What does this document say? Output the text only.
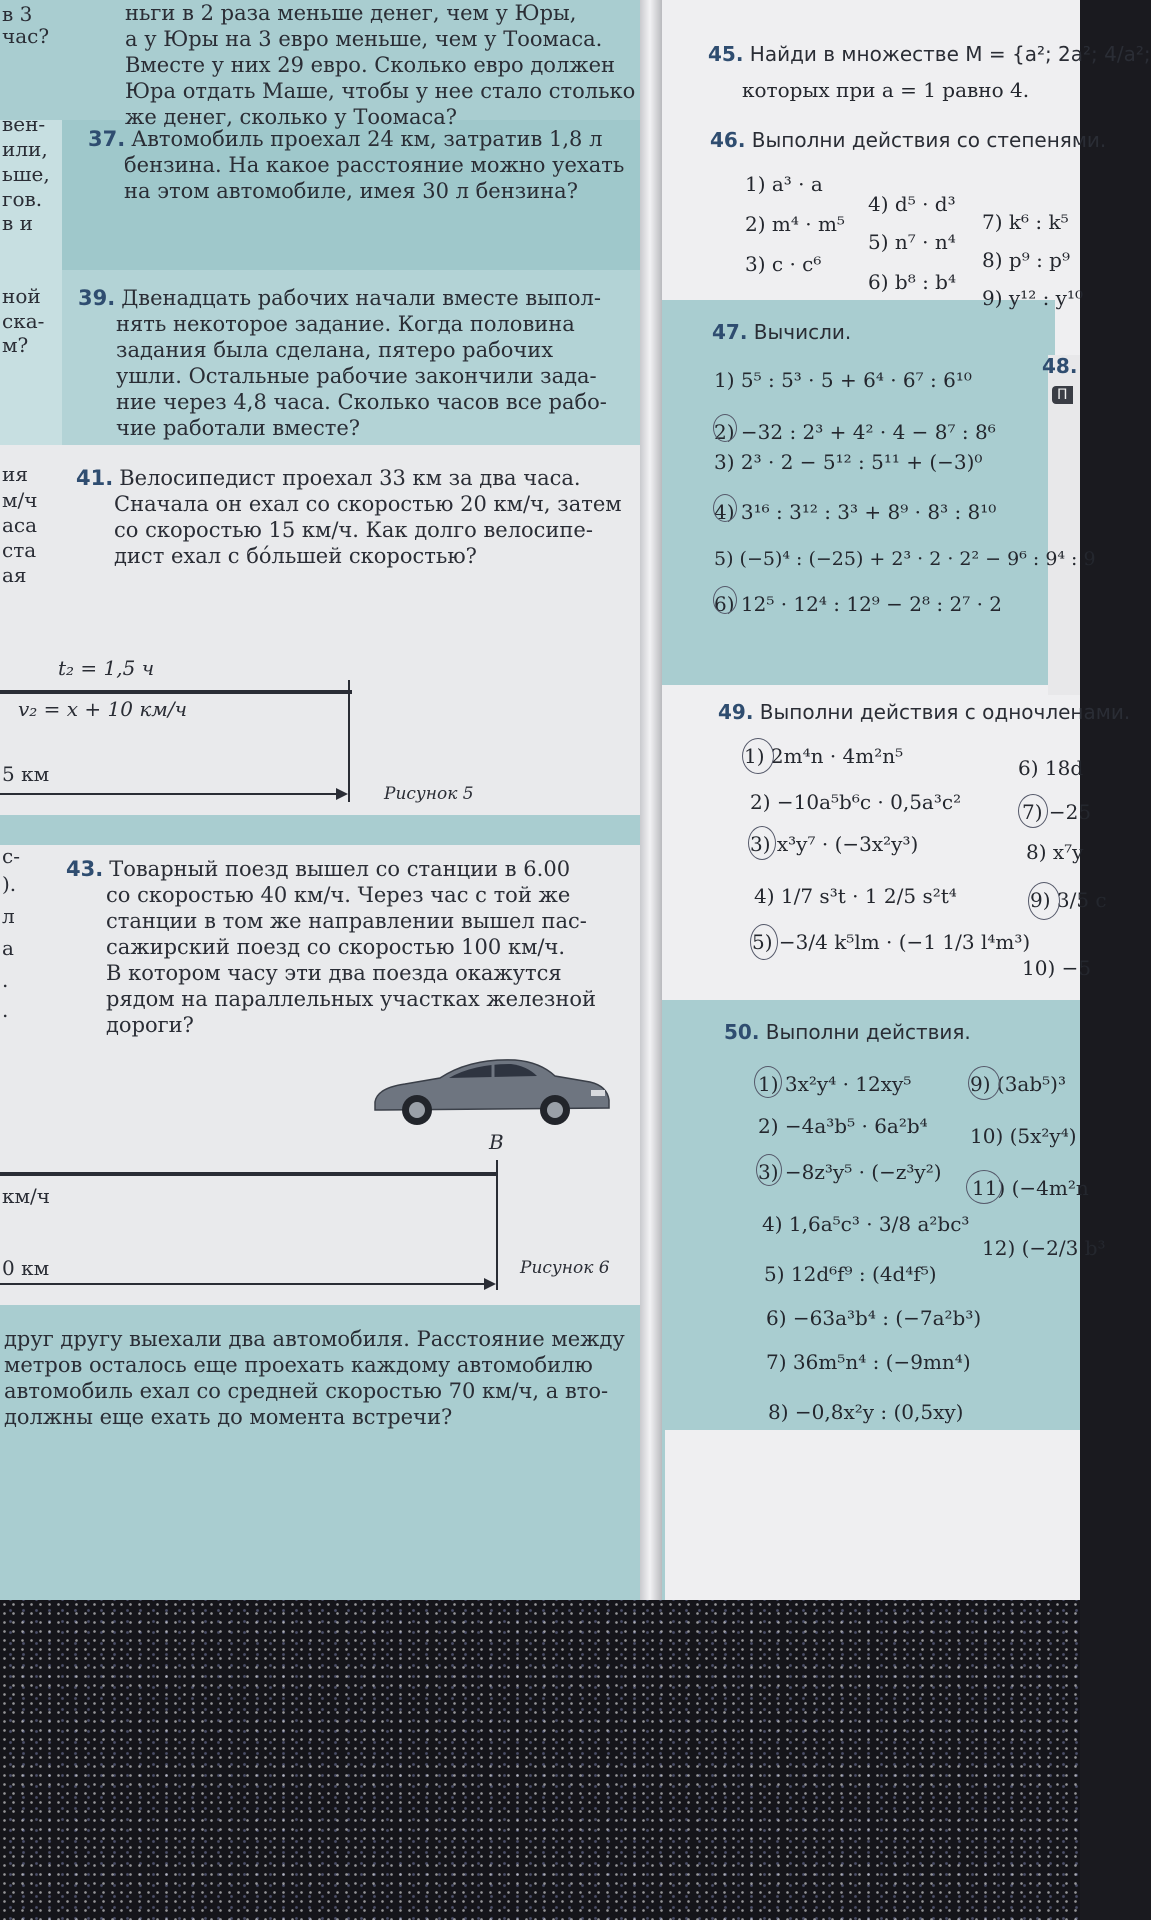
в 3
час?
вен-
или,
ьше,
гов.
в и
ной
ска-
м?
ия
м/ч
аса
ста
ая
с-
).
л
а
.
.
ньги в 2 раза меньше денег, чем у Юры,
а у Юры на 3 евро меньше, чем у Тоомаса.
Вместе у них 29 евро. Сколько евро должен
Юра отдать Маше, чтобы у нее стало столько
же денег, сколько у Тоомаса?
37. Автомобиль проехал 24 км, затратив 1,8 л
бензина. На какое расстояние можно уехать
на этом автомобиле, имея 30 л бензина?
39. Двенадцать рабочих начали вместе выпол-
нять некоторое задание. Когда половина
задания была сделана, пятеро рабочих
ушли. Остальные рабочие закончили зада-
ние через 4,8 часа. Сколько часов все рабо-
чие работали вместе?
41. Велосипедист проехал 33 км за два часа.
Сначала он ехал со скоростью 20 км/ч, затем
со скоростью 15 км/ч. Как долго велосипе-
дист ехал с бо́льшей скоростью?
t₂ = 1,5 ч
v₂ = x + 10 км/ч
5 км
Рисунок 5
43. Товарный поезд вышел со станции в 6.00
со скоростью 40 км/ч. Через час с той же
станции в том же направлении вышел пас-
сажирский поезд со скоростью 100 км/ч.
В котором часу эти два поезда окажутся
рядом на параллельных участках железной
дороги?
B
км/ч
0 км	Рисунок 6
друг другу выехали два автомобиля. Расстояние между
метров осталось еще проехать каждому автомобилю
автомобиль ехал со средней скоростью 70 км/ч, а вто-
должны еще ехать до момента встречи?
45. Найди в множестве M = {a²; 2a²; 4/a²;
которых при a = 1 равно 4.
46. Выполни действия со степенями.
1) a³ · a
2) m⁴ · m⁵
3) c · c⁶
4) d⁵ · d³
5) n⁷ · n⁴
6) b⁸ : b⁴
7) k⁶ : k⁵
8) p⁹ : p⁹
9) y¹² : y¹⁰
47. Вычисли.
1) 5⁵ : 5³ · 5 + 6⁴ · 6⁷ : 6¹⁰
2) −32 : 2³ + 4² · 4 − 8⁷ : 8⁶
3) 2³ · 2 − 5¹² : 5¹¹ + (−3)⁰
4) 3¹⁶ : 3¹² : 3³ + 8⁹ · 8³ : 8¹⁰
5) (−5)⁴ : (−25) + 2³ · 2 · 2² − 9⁶ : 9⁴ : 9
6) 12⁵ · 12⁴ : 12⁹ − 2⁸ : 2⁷ · 2
48.
П
49. Выполни действия с одночленами.
1) 2m⁴n · 4m²n⁵
2) −10a⁵b⁶c · 0,5a³c²
3) x³y⁷ · (−3x²y³)
4) 1/7 s³t · 1 2/5 s²t⁴
5) −3/4 k⁵lm · (−1 1/3 l⁴m³)
6) 18d
7) −25
8) x⁷y
9) 3/5 c
10) −5
50. Выполни действия.
1) 3x²y⁴ · 12xy⁵
2) −4a³b⁵ · 6a²b⁴
3) −8z³y⁵ · (−z³y²)
4) 1,6a⁵c³ · 3/8 a²bc³
5) 12d⁶f⁹ : (4d⁴f⁵)
6) −63a³b⁴ : (−7a²b³)
7) 36m⁵n⁴ : (−9mn⁴)
8) −0,8x²y : (0,5xy)
9) (3ab⁵)³
10) (5x²y⁴)
11) (−4m²n
12) (−2/3 b³
